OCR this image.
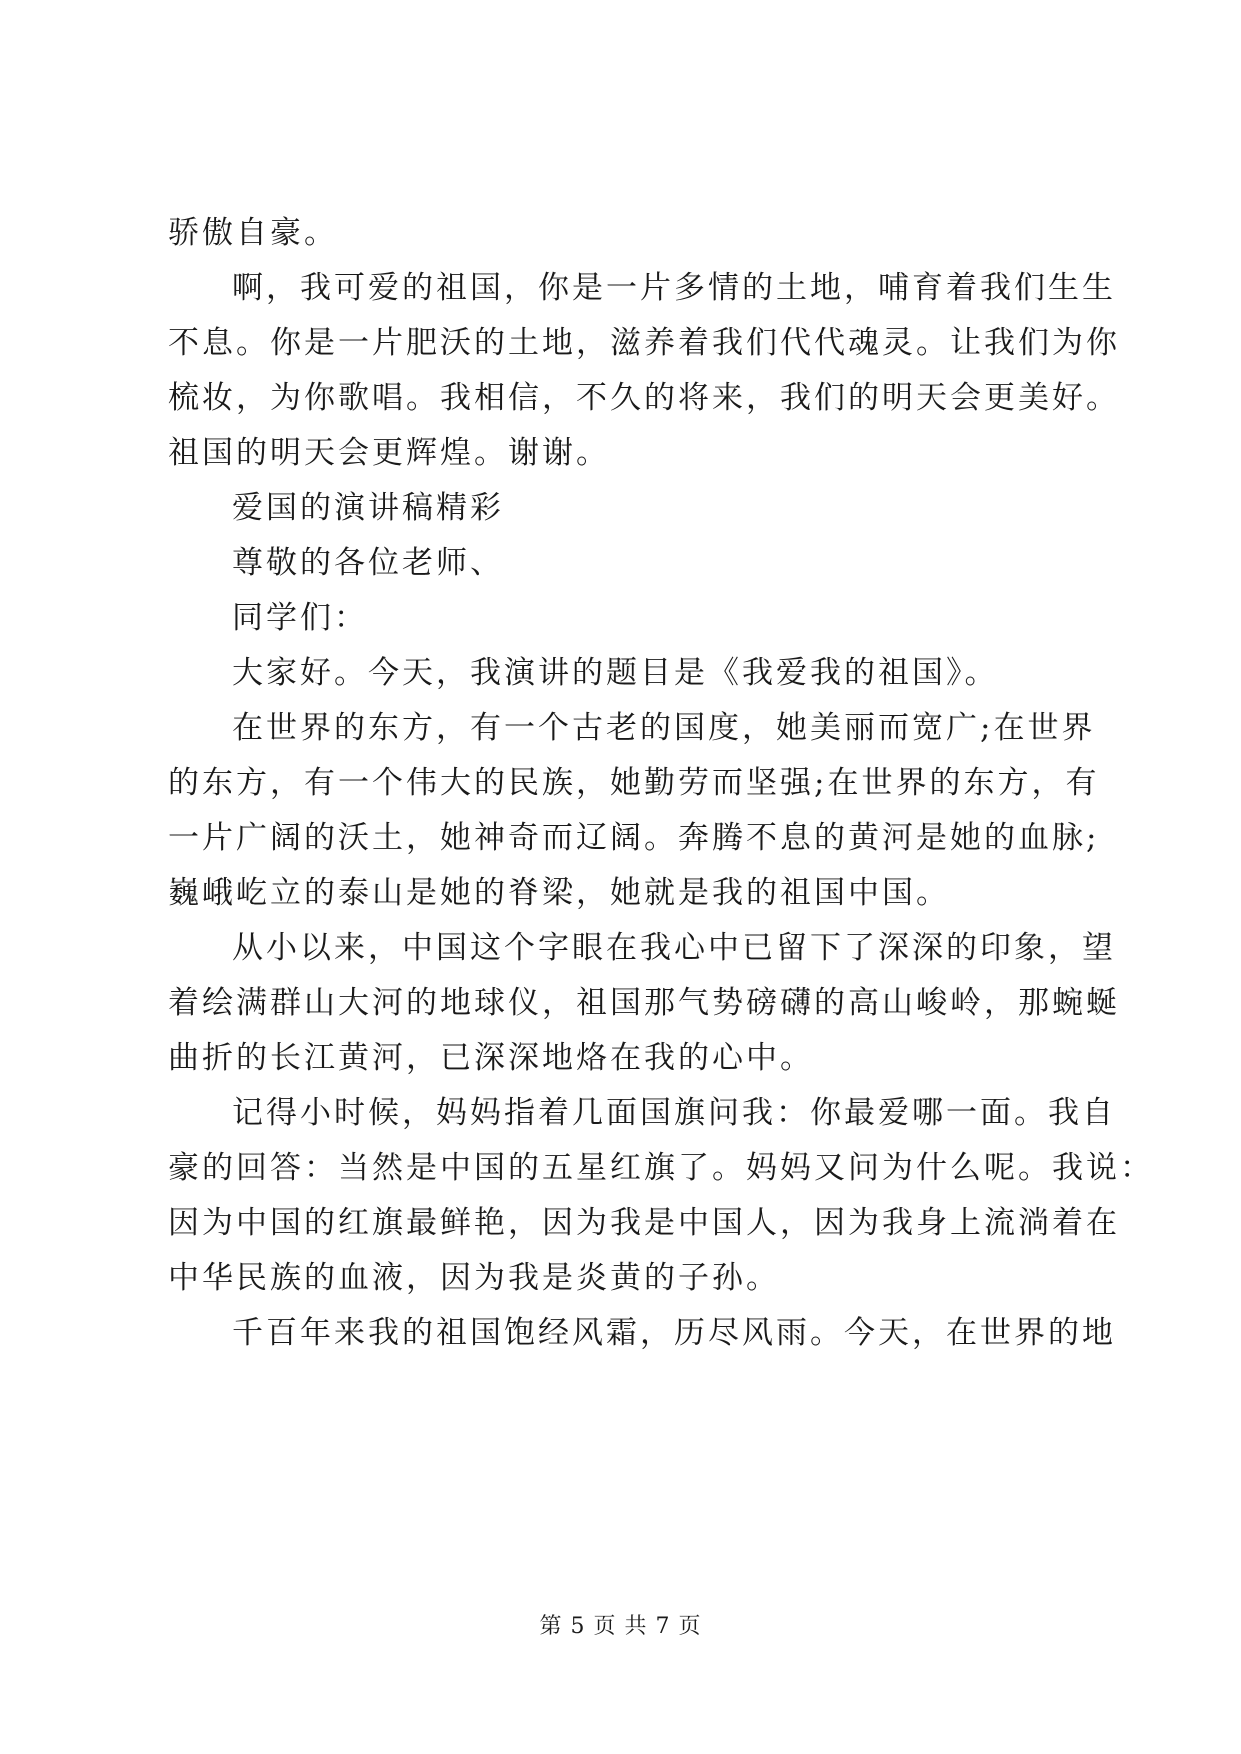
骄傲自豪。
啊，我可爱的祖国，你是一片多情的土地，哺育着我们生生
不息。你是一片肥沃的土地，滋养着我们代代魂灵。让我们为你
梳妆，为你歌唱。我相信，不久的将来，我们的明天会更美好。
祖国的明天会更辉煌。谢谢。
爱国的演讲稿精彩
尊敬的各位老师、
同学们：
大家好。今天，我演讲的题目是《我爱我的祖国》。
在世界的东方，有一个古老的国度，她美丽而宽广;在世界
的东方，有一个伟大的民族，她勤劳而坚强;在世界的东方，有
一片广阔的沃土，她神奇而辽阔。奔腾不息的黄河是她的血脉;
巍峨屹立的泰山是她的脊梁，她就是我的祖国中国。
从小以来，中国这个字眼在我心中已留下了深深的印象，望
着绘满群山大河的地球仪，祖国那气势磅礴的高山峻岭，那蜿蜒
曲折的长江黄河，已深深地烙在我的心中。
记得小时候，妈妈指着几面国旗问我：你最爱哪一面。我自
豪的回答：当然是中国的五星红旗了。妈妈又问为什么呢。我说：
因为中国的红旗最鲜艳，因为我是中国人，因为我身上流淌着在
中华民族的血液，因为我是炎黄的子孙。
千百年来我的祖国饱经风霜，历尽风雨。今天，在世界的地
第 5 页 共 7 页
